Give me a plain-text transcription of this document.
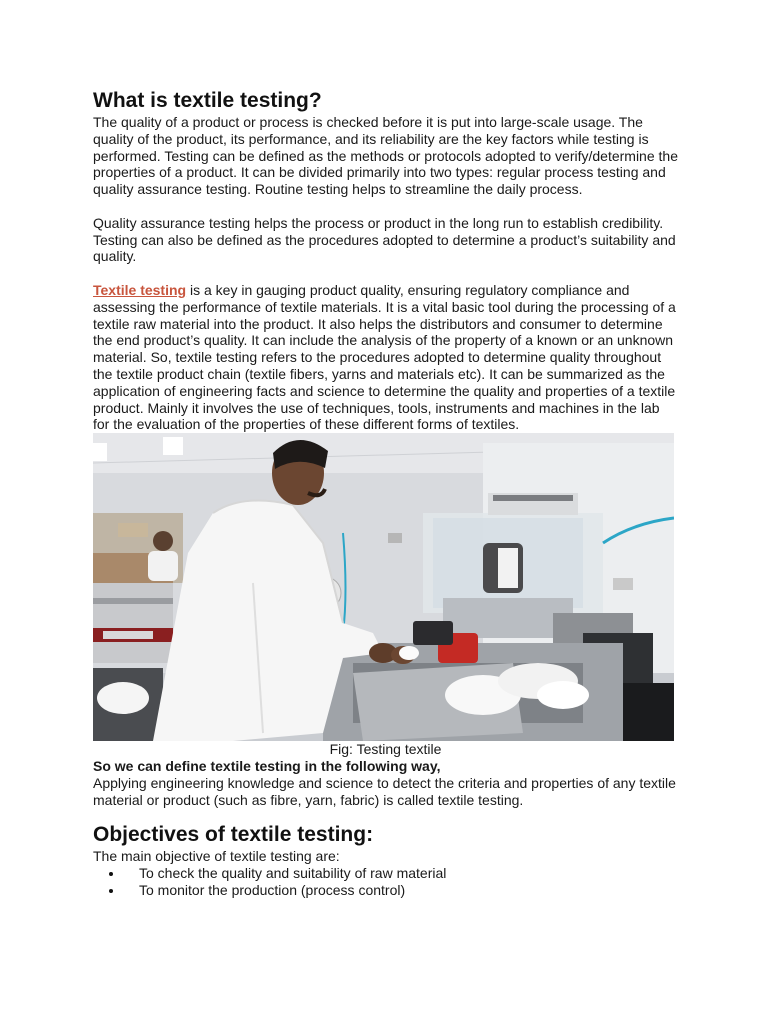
What is textile testing?

The quality of a product or process is checked before it is put into large-scale usage. The quality of the product, its performance, and its reliability are the key factors while testing is performed. Testing can be defined as the methods or protocols adopted to verify/determine the properties of a product. It can be divided primarily into two types: regular process testing and quality assurance testing. Routine testing helps to streamline the daily process.

Quality assurance testing helps the process or product in the long run to establish credibility. Testing can also be defined as the procedures adopted to determine a product’s suitability and quality.

Textile testing is a key in gauging product quality, ensuring regulatory compliance and assessing the performance of textile materials. It is a vital basic tool during the processing of a textile raw material into the product. It also helps the distributors and consumer to determine the end product’s quality. It can include the analysis of the property of a known or an unknown material. So, textile testing refers to the procedures adopted to determine quality throughout the textile product chain (textile fibers, yarns and materials etc). It can be summarized as the application of engineering facts and science to determine the quality and properties of a textile product. Mainly it involves the use of techniques, tools, instruments and machines in the lab for the evaluation of the properties of these different forms of textiles.

Fig: Testing textile

So we can define textile testing in the following way,

Applying engineering knowledge and science to detect the criteria and properties of any textile material or product (such as fibre, yarn, fabric) is called textile testing.

Objectives of textile testing:

The main objective of textile testing are:

To check the quality and suitability of raw material
To monitor the production (process control)
